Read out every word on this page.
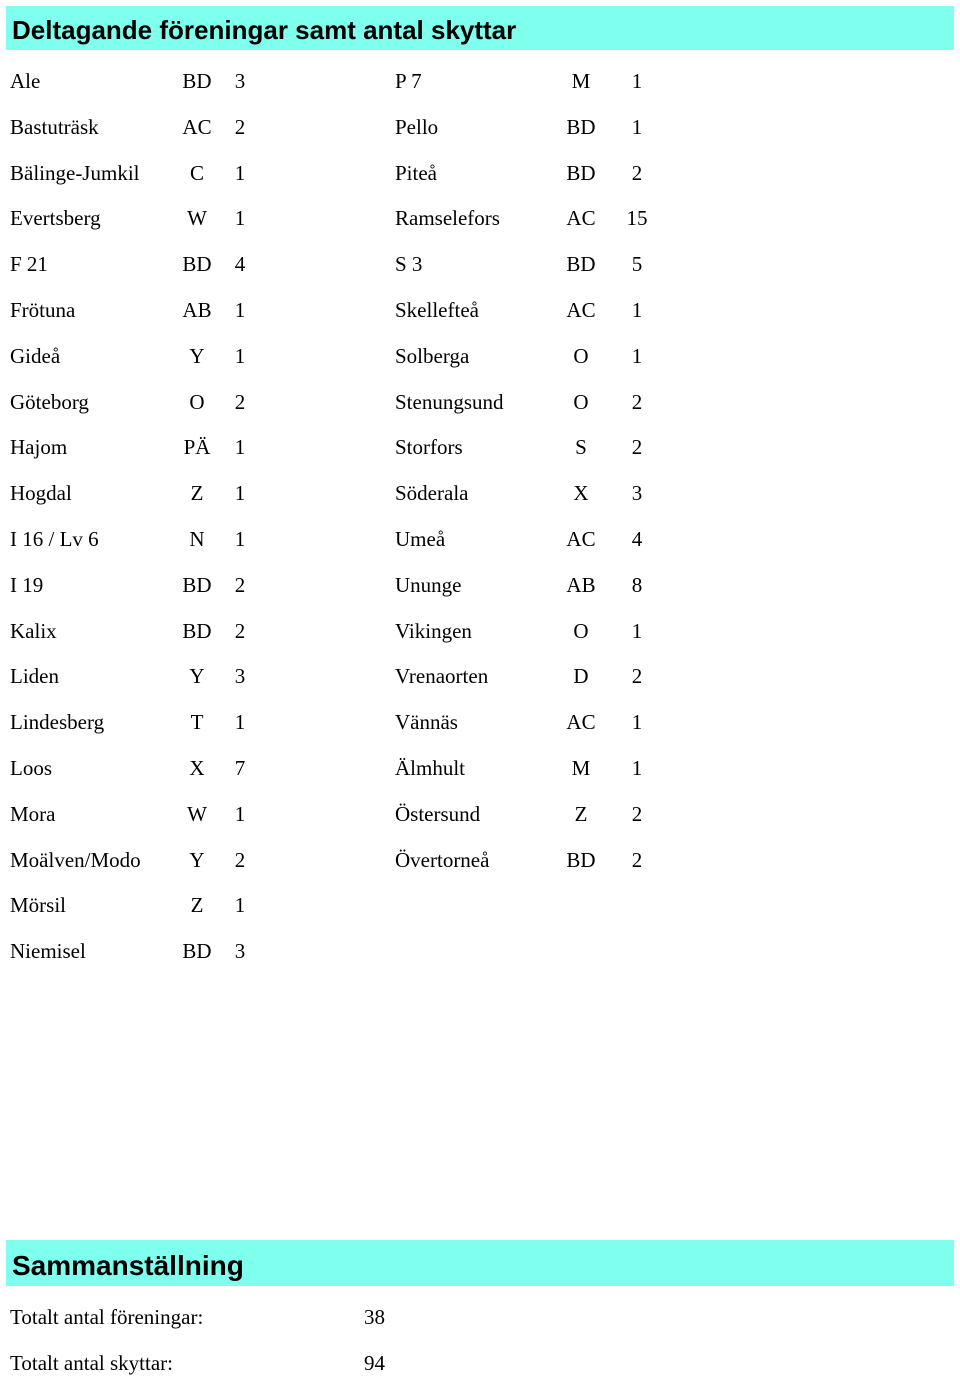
Deltagande föreningar samt antal skyttar
Ale	BD	3
Bastuträsk	AC	2
Bälinge-Jumkil	C	1
Evertsberg	W	1
F 21	BD	4
Frötuna	AB	1
Gideå	Y	1
Göteborg	O	2
Hajom	PÄ	1
Hogdal	Z	1
I 16 / Lv 6	N	1
I 19	BD	2
Kalix	BD	2
Liden	Y	3
Lindesberg	T	1
Loos	X	7
Mora	W	1
Moälven/Modo	Y	2
Mörsil	Z	1
Niemisel	BD	3
P 7	M	1
Pello	BD	1
Piteå	BD	2
Ramselefors	AC	15
S 3	BD	5
Skellefteå	AC	1
Solberga	O	1
Stenungsund	O	2
Storfors	S	2
Söderala	X	3
Umeå	AC	4
Ununge	AB	8
Vikingen	O	1
Vrenaorten	D	2
Vännäs	AC	1
Älmhult	M	1
Östersund	Z	2
Övertorneå	BD	2
Sammanställning
Totalt antal föreningar:	38
Totalt antal skyttar:	94
